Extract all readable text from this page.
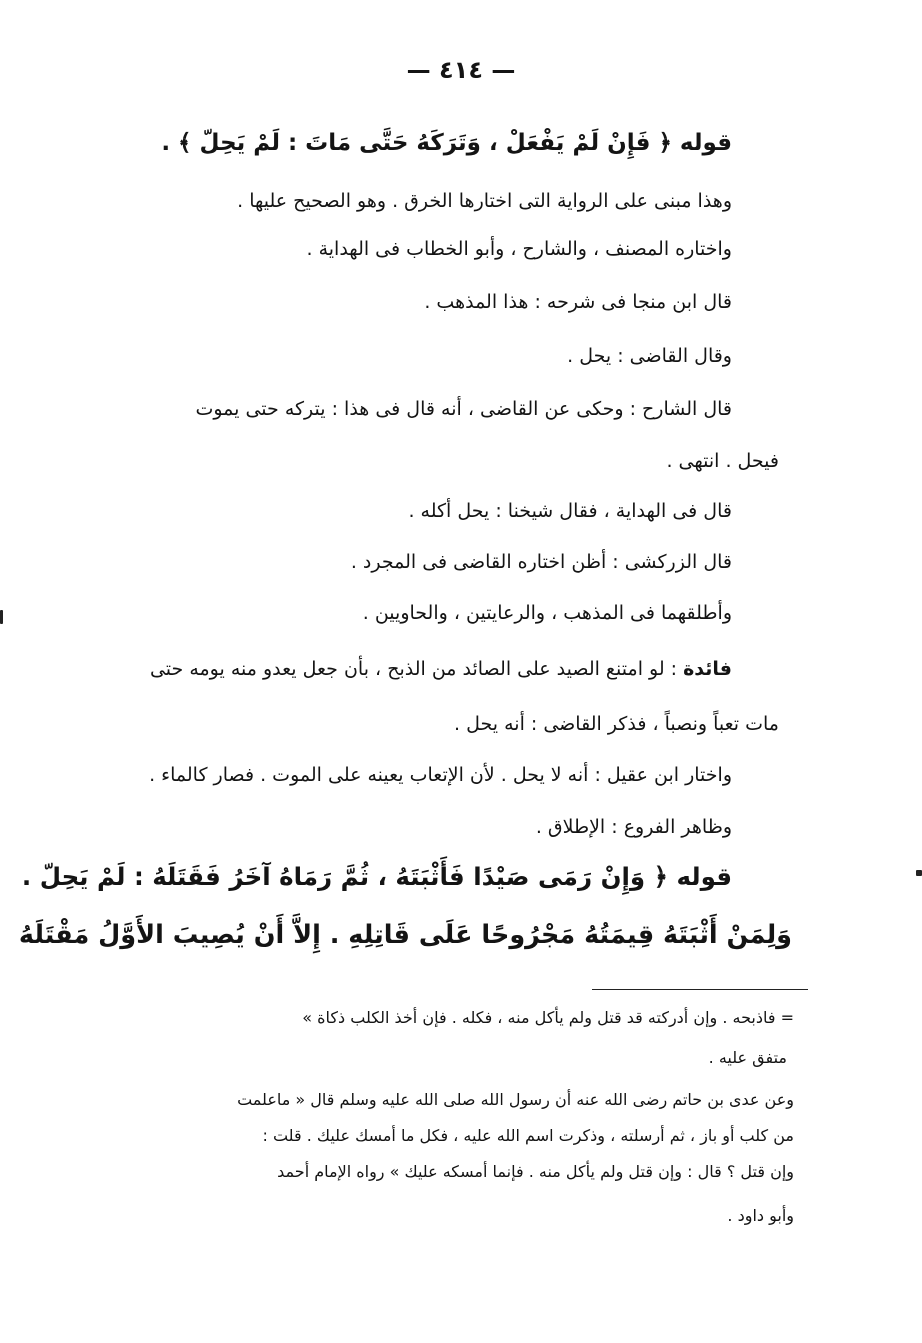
— ٤١٤ —
قوله ﴿ فَإِنْ لَمْ يَفْعَلْ ، وَتَرَكَهُ حَتَّى مَاتَ : لَمْ يَحِلّ ﴾ .
وهذا مبنى على الرواية التى اختارها الخرق . وهو الصحيح عليها .
واختاره المصنف ، والشارح ، وأبو الخطاب فى الهداية .
قال ابن منجا فى شرحه : هذا المذهب .
وقال القاضى : يحل .
قال الشارح : وحكى عن القاضى ، أنه قال فى هذا : يتركه حتى يموت
فيحل . انتهى .
قال فى الهداية ، فقال شيخنا : يحل أكله .
قال الزركشى : أظن اختاره القاضى فى المجرد .
وأطلقهما فى المذهب ، والرعايتين ، والحاويين .
فائدة : لو امتنع الصيد على الصائد من الذبح ، بأن جعل يعدو منه يومه حتى
مات تعباً ونصباً ، فذكر القاضى : أنه يحل .
واختار ابن عقيل : أنه لا يحل . لأن الإتعاب يعينه على الموت . فصار كالماء .
وظاهر الفروع : الإطلاق .
قوله ﴿ وَإِنْ رَمَى صَيْدًا فَأَثْبَتَهُ ، ثُمَّ رَمَاهُ آخَرُ فَقَتَلَهُ : لَمْ يَحِلّ .
وَلِمَنْ أَثْبَتَهُ قِيمَتُهُ مَجْرُوحًا عَلَى قَاتِلِهِ . إِلاَّ أَنْ يُصِيبَ الأَوَّلُ مَقْتَلَهُ
= فاذبحه . وإن أدركته قد قتل ولم يأكل منه ، فكله . فإن أخذ الكلب ذكاة »
متفق عليه .
وعن عدى بن حاتم رضى الله عنه أن رسول الله صلى الله عليه وسلم قال « ماعلمت
من كلب أو باز ، ثم أرسلته ، وذكرت اسم الله عليه ، فكل ما أمسك عليك . قلت :
وإن قتل ؟ قال : وإن قتل ولم يأكل منه . فإنما أمسكه عليك » رواه الإمام أحمد
وأبو داود .
